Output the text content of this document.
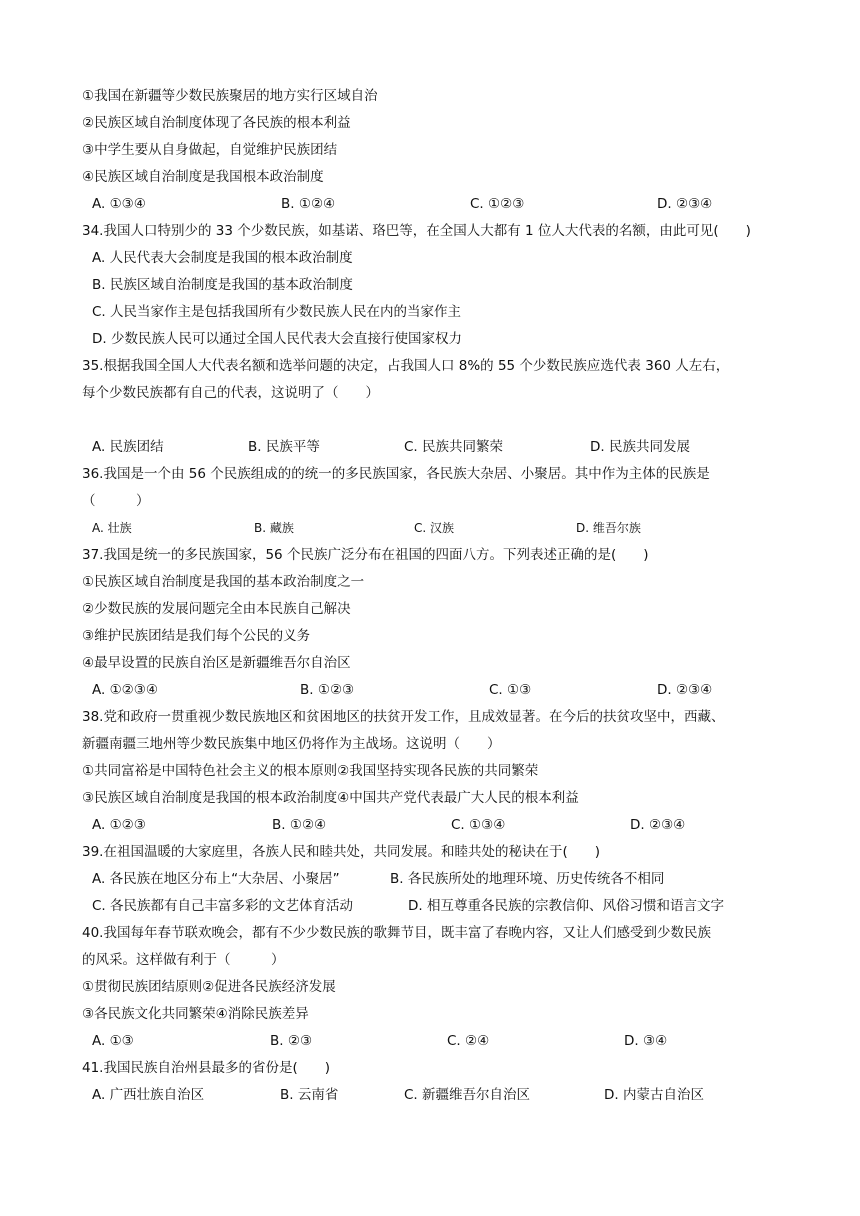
①我国在新疆等少数民族聚居的地方实行区域自治
②民族区域自治制度体现了各民族的根本利益
③中学生要从自身做起，自觉维护民族团结
④民族区域自治制度是我国根本政治制度
A. ①③④	B. ①②④	C. ①②③	D. ②③④
34.我国人口特别少的 33 个少数民族，如基诺、珞巴等，在全国人大都有 1 位人大代表的名额，由此可见(　　)
A. 人民代表大会制度是我国的根本政治制度
B. 民族区域自治制度是我国的基本政治制度
C. 人民当家作主是包括我国所有少数民族人民在内的当家作主
D. 少数民族人民可以通过全国人民代表大会直接行使国家权力
35.根据我国全国人大代表名额和选举问题的决定，占我国人口 8%的 55 个少数民族应选代表 360 人左右，
每个少数民族都有自己的代表，这说明了（　　）
A. 民族团结	B. 民族平等	C. 民族共同繁荣	D. 民族共同发展
36.我国是一个由 56 个民族组成的的统一的多民族国家，各民族大杂居、小聚居。其中作为主体的民族是
（　　　）
A. 壮族	B. 藏族	C. 汉族	D. 维吾尔族
37.我国是统一的多民族国家，56 个民族广泛分布在祖国的四面八方。下列表述正确的是(　　)
①民族区域自治制度是我国的基本政治制度之一
②少数民族的发展问题完全由本民族自己解决
③维护民族团结是我们每个公民的义务
④最早设置的民族自治区是新疆维吾尔自治区
A. ①②③④	B. ①②③	C. ①③	D. ②③④
38.党和政府一贯重视少数民族地区和贫困地区的扶贫开发工作，且成效显著。在今后的扶贫攻坚中，西藏、
新疆南疆三地州等少数民族集中地区仍将作为主战场。这说明（　　）
①共同富裕是中国特色社会主义的根本原则②我国坚持实现各民族的共同繁荣
③民族区域自治制度是我国的根本政治制度④中国共产党代表最广大人民的根本利益
A. ①②③	B. ①②④	C. ①③④	D. ②③④
39.在祖国温暖的大家庭里，各族人民和睦共处，共同发展。和睦共处的秘诀在于(　　)
A. 各民族在地区分布上“大杂居、小聚居”	B. 各民族所处的地理环境、历史传统各不相同
C. 各民族都有自己丰富多彩的文艺体育活动	D. 相互尊重各民族的宗教信仰、风俗习惯和语言文字
40.我国每年春节联欢晚会，都有不少少数民族的歌舞节目，既丰富了春晚内容，又让人们感受到少数民族
的风采。这样做有利于（　　　）
①贯彻民族团结原则②促进各民族经济发展
③各民族文化共同繁荣④消除民族差异
A. ①③	B. ②③	C. ②④	D. ③④
41.我国民族自治州县最多的省份是(　　)
A. 广西壮族自治区	B. 云南省	C. 新疆维吾尔自治区	D. 内蒙古自治区
